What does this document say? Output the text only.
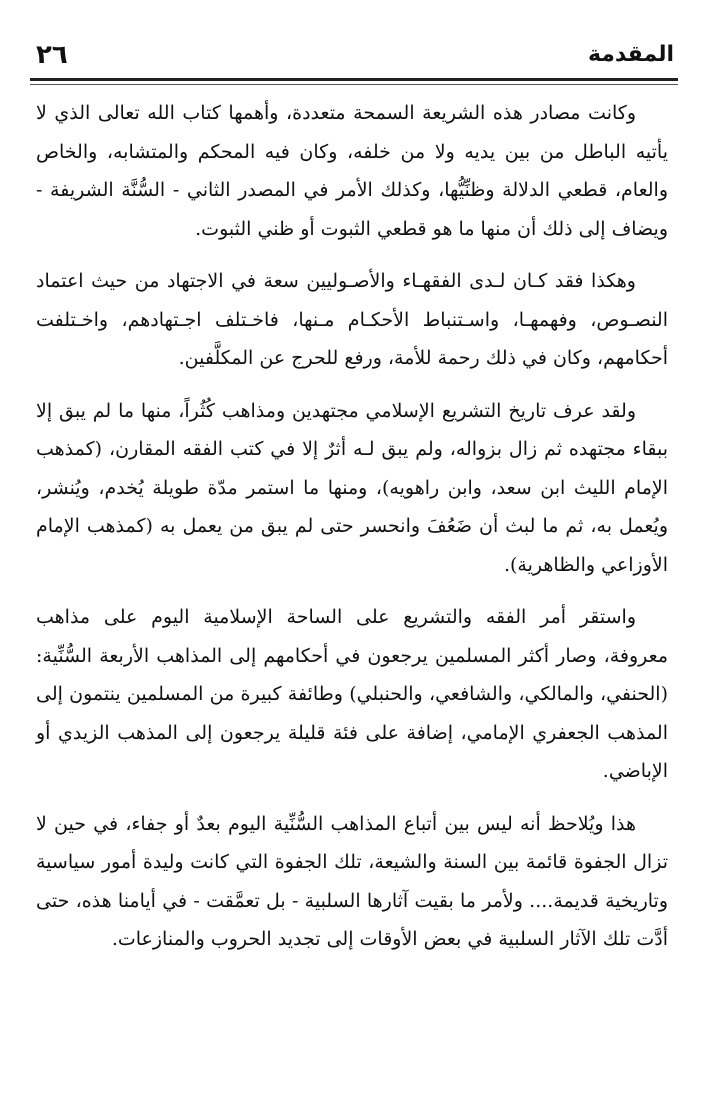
٢٦	المقدمة

وكانت مصادر هذه الشريعة السمحة متعددة، وأهمها كتاب الله تعالى الذي لا يأتيه الباطل من بين يديه ولا من خلفه، وكان فيه المحكم والمتشابه، والخاص والعام، قطعي الدلالة وظنِّيُّها، وكذلك الأمر في المصدر الثاني - السُّنَّة الشريفة - ويضاف إلى ذلك أن منها ما هو قطعي الثبوت أو ظني الثبوت.

وهكذا فقد كـان لـدى الفقهـاء والأصـوليين سعة في الاجتهاد من حيث اعتماد النصـوص، وفهمهـا، واسـتنباط الأحكـام مـنها، فاخـتلف اجـتهادهم، واخـتلفت أحكامهم، وكان في ذلك رحمة للأمة، ورفع للحرج عن المكلَّفين.

ولقد عرف تاريخ التشريع الإسلامي مجتهدين ومذاهب كُثُراً، منها ما لم يبق إلا ببقاء مجتهده ثم زال بزواله، ولم يبق لـه أثرٌ إلا في كتب الفقه المقارن، (كمذهب الإمام الليث ابن سعد، وابن راهويه)، ومنها ما استمر مدّة طويلة يُخدم، ويُنشر، ويُعمل به، ثم ما لبث أن ضَعُفَ وانحسر حتى لم يبق من يعمل به (كمذهب الإمام الأوزاعي والظاهرية).

واستقر أمر الفقه والتشريع على الساحة الإسلامية اليوم على مذاهب معروفة، وصار أكثر المسلمين يرجعون في أحكامهم إلى المذاهب الأربعة السُّنِّية: (الحنفي، والمالكي، والشافعي، والحنبلي) وطائفة كبيرة من المسلمين ينتمون إلى المذهب الجعفري الإمامي، إضافة على فئة قليلة يرجعون إلى المذهب الزيدي أو الإباضي.

هذا ويُلاحظ أنه ليس بين أتباع المذاهب السُّنِّية اليوم بعدٌ أو جفاء، في حين لا تزال الجفوة قائمة بين السنة والشيعة، تلك الجفوة التي كانت وليدة أمور سياسية وتاريخية قديمة.... ولأمر ما بقيت آثارها السلبية - بل تعمَّقت - في أيامنا هذه، حتى أدَّت تلك الآثار السلبية في بعض الأوقات إلى تجديد الحروب والمنازعات.
